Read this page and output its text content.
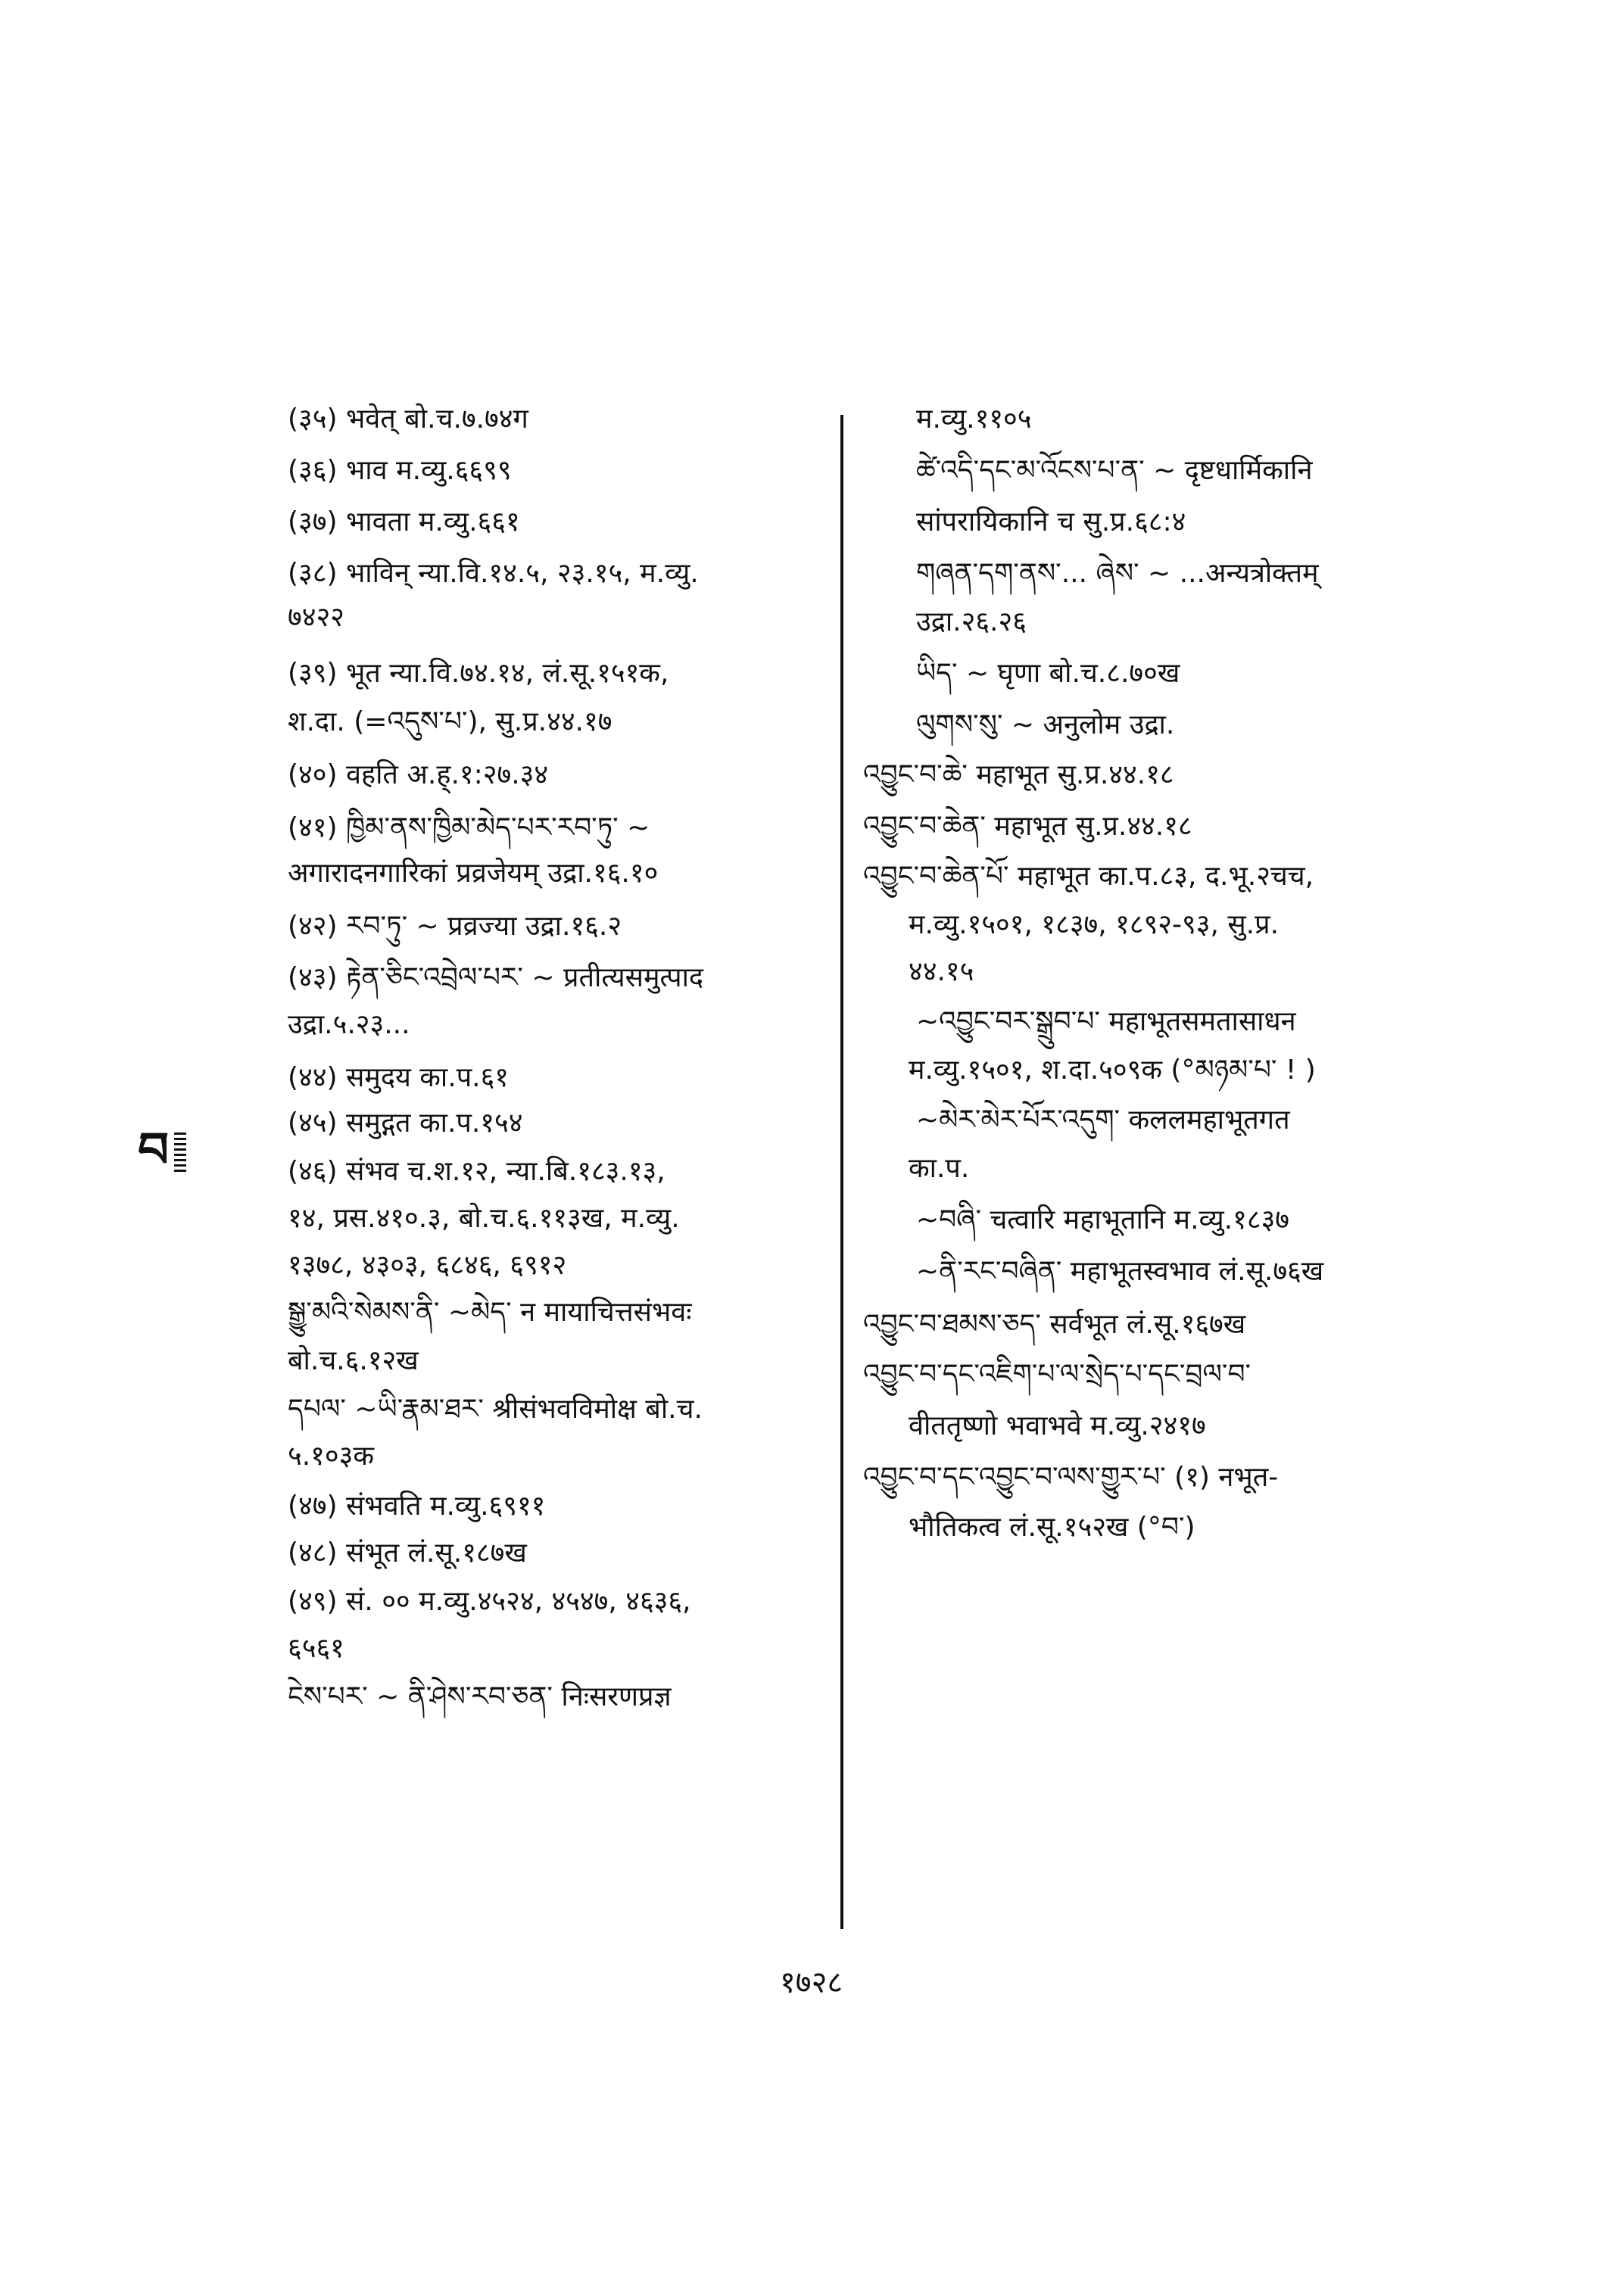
(३५) भवेत् बो.च.७.७४ग
(३६) भाव म.व्यु.६६९९
(३७) भावता म.व्यु.६६१
(३८) भाविन् न्या.वि.१४.५, २३.१५, म.व्यु.
७४२२
(३९) भूत न्या.वि.७४.१४, लं.सू.१५१क,
श.दा. (=འདུས་པ་), सु.प्र.४४.१७
(४०) वहति अ.ह्.१:२७.३४
(४१) ཁྱིམ་ནས་ཁྱིམ་མེད་པར་རབ་ཏུ་ ~
अगारादनगारिकां प्रव्रजेयम् उद्रा.१६.१०
(४२) རབ་ཏུ་ ~ प्रव्रज्या उद्रा.१६.२
(४३) རྟེན་ཅིང་འབྲེལ་པར་ ~ प्रतीत्यसमुत्पाद
उद्रा.५.२३...
(४४) समुदय का.प.६१
(४५) समुद्गत का.प.१५४
(४६) संभव च.श.१२, न्या.बि.१८३.१३,
१४, प्रस.४१०.३, बो.च.६.११३ख, म.व्यु.
१३७८, ४३०३, ६८४६, ६९१२
སྒྱུ་མའི་སེམས་ནི་ ~མེད་ न मायाचित्तसंभवः
बो.च.६.१२ख
དཔལ་ ~ཡི་རྣམ་ཐར་ श्रीसंभवविमोक्ष बो.च.
५.१०३क
(४७) संभवति म.व्यु.६९११
(४८) संभूत लं.सू.१८७ख
(४९) सं. ०० म.व्यु.४५२४, ४५४७, ४६३६,
६५६१
ངེས་པར་ ~ ནི་ཤེས་རབ་ཅན་ निःसरणप्रज्ञ
म.व्यु.११०५
ཚེ་འདི་དང་མ་འོངས་པ་ན་ ~ दृष्टधार्मिकानि
सांपरायिकानि च सु.प्र.६८:४
གཞན་དག་ནས་... ཞེས་ ~ ...अन्यत्रोक्तम्
उद्रा.२६.२६
ཡིད་ ~ घृणा बो.च.८.७०ख
ལུགས་སུ་ ~ अनुलोम उद्रा.
འབྱུང་བ་ཆེ་ महाभूत सु.प्र.४४.१८
འབྱུང་བ་ཆེན་ महाभूत सु.प्र.४४.१८
འབྱུང་བ་ཆེན་པོ་ महाभूत का.प.८३, द.भू.२चच,
म.व्यु.१५०१, १८३७, १८९२-९३, सु.प्र.
४४.१५
~འབྱུང་བར་སྒྲུབ་པ་ महाभूतसमतासाधन
म.व्यु.१५०१, श.दा.५०९क (°མཉམ་པ་ ! )
~མེར་མེར་པོར་འདུག་ कललमहाभूतगत
का.प.
~བཞི་ चत्वारि महाभूतानि म.व्यु.१८३७
~ནི་རང་བཞིན་ महाभूतस्वभाव लं.सू.७६ख
འབྱུང་བ་ཐམས་ཅད་ सर्वभूत लं.सू.१६७ख
འབྱུང་བ་དང་འཇིག་པ་ལ་སྲེད་པ་དང་བྲལ་བ་
वीततृष्णो भवाभवे म.व्यु.२४१७
འབྱུང་བ་དང་འབྱུང་བ་ལས་གྱུར་པ་ (१) नभूत-
भौतिकत्व लं.सू.१५२ख (°བ་)
བ
१७२८
